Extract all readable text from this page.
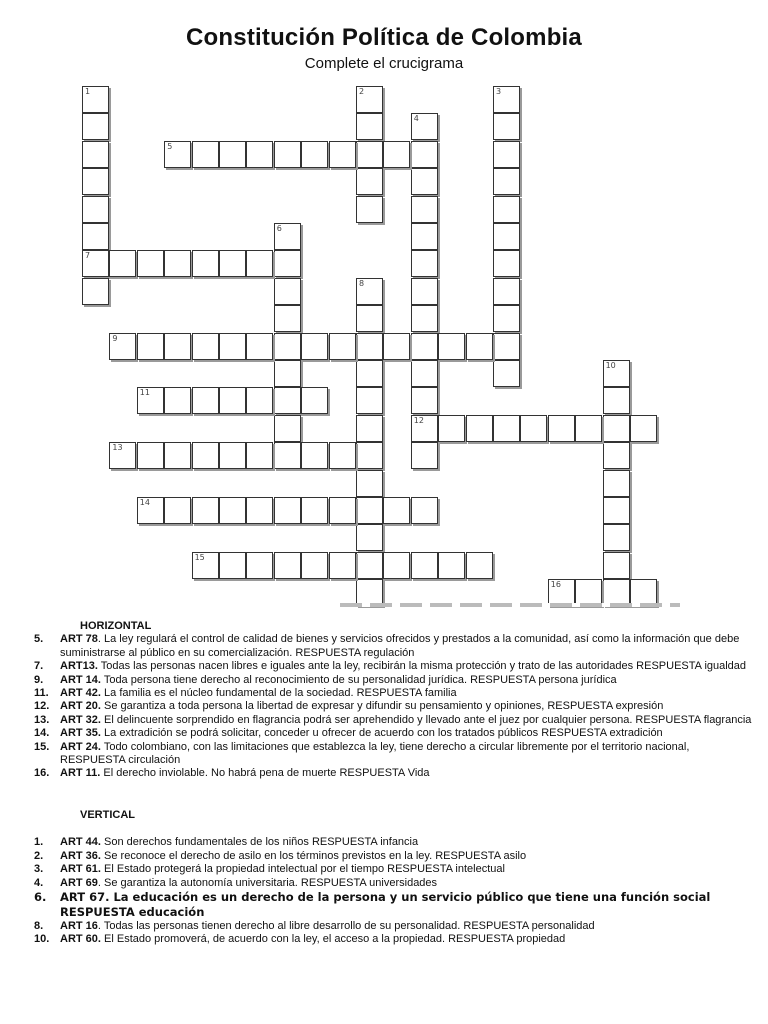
Constitución Política de Colombia
Complete el crucigrama
1
7
2	3
4
12
5
6
8
9
10
11
13
14
15
16
HORIZONTAL
5.	ART 78. La ley regulará el control de calidad de bienes y servicios ofrecidos y prestados a la comunidad, así como la información que debe suministrarse al público en su comercialización. RESPUESTA regulación
7.	ART13. Todas las personas nacen libres e iguales ante la ley, recibirán la misma protección y trato de las autoridades RESPUESTA igualdad
9.	ART 14. Toda persona tiene derecho al reconocimiento de su personalidad jurídica. RESPUESTA persona jurídica
11.	ART 42. La familia es el núcleo fundamental de la sociedad. RESPUESTA familia
12. ART 20. Se garantiza a toda persona la libertad de expresar y difundir su pensamiento y opiniones, RESPUESTA expresión
13. ART 32. El delincuente sorprendido en flagrancia podrá ser aprehendido y llevado ante el juez por cualquier persona. RESPUESTA flagrancia
14. ART 35. La extradición se podrá solicitar, conceder u ofrecer de acuerdo con los tratados públicos RESPUESTA extradición
15. ART 24. Todo colombiano, con las limitaciones que establezca la ley, tiene derecho a circular libremente por el territorio nacional, RESPUESTA circulación
16. ART 11. El derecho inviolable. No habrá pena de muerte RESPUESTA Vida
VERTICAL
1.	ART 44. Son derechos fundamentales de los niños RESPUESTA infancia
2.	ART 36. Se reconoce el derecho de asilo en los términos previstos en la ley. RESPUESTA asilo
3.	ART 61. El Estado protegerá la propiedad intelectual por el tiempo RESPUESTA intelectual
4.	ART 69. Se garantiza la autonomía universitaria. RESPUESTA universidades
6.	ART 67. La educación es un derecho de la persona y un servicio público que tiene una función social RESPUESTA educación
8.	ART 16. Todas las personas tienen derecho al libre desarrollo de su personalidad. RESPUESTA personalidad
10. ART 60. El Estado promoverá, de acuerdo con la ley, el acceso a la propiedad. RESPUESTA propiedad
